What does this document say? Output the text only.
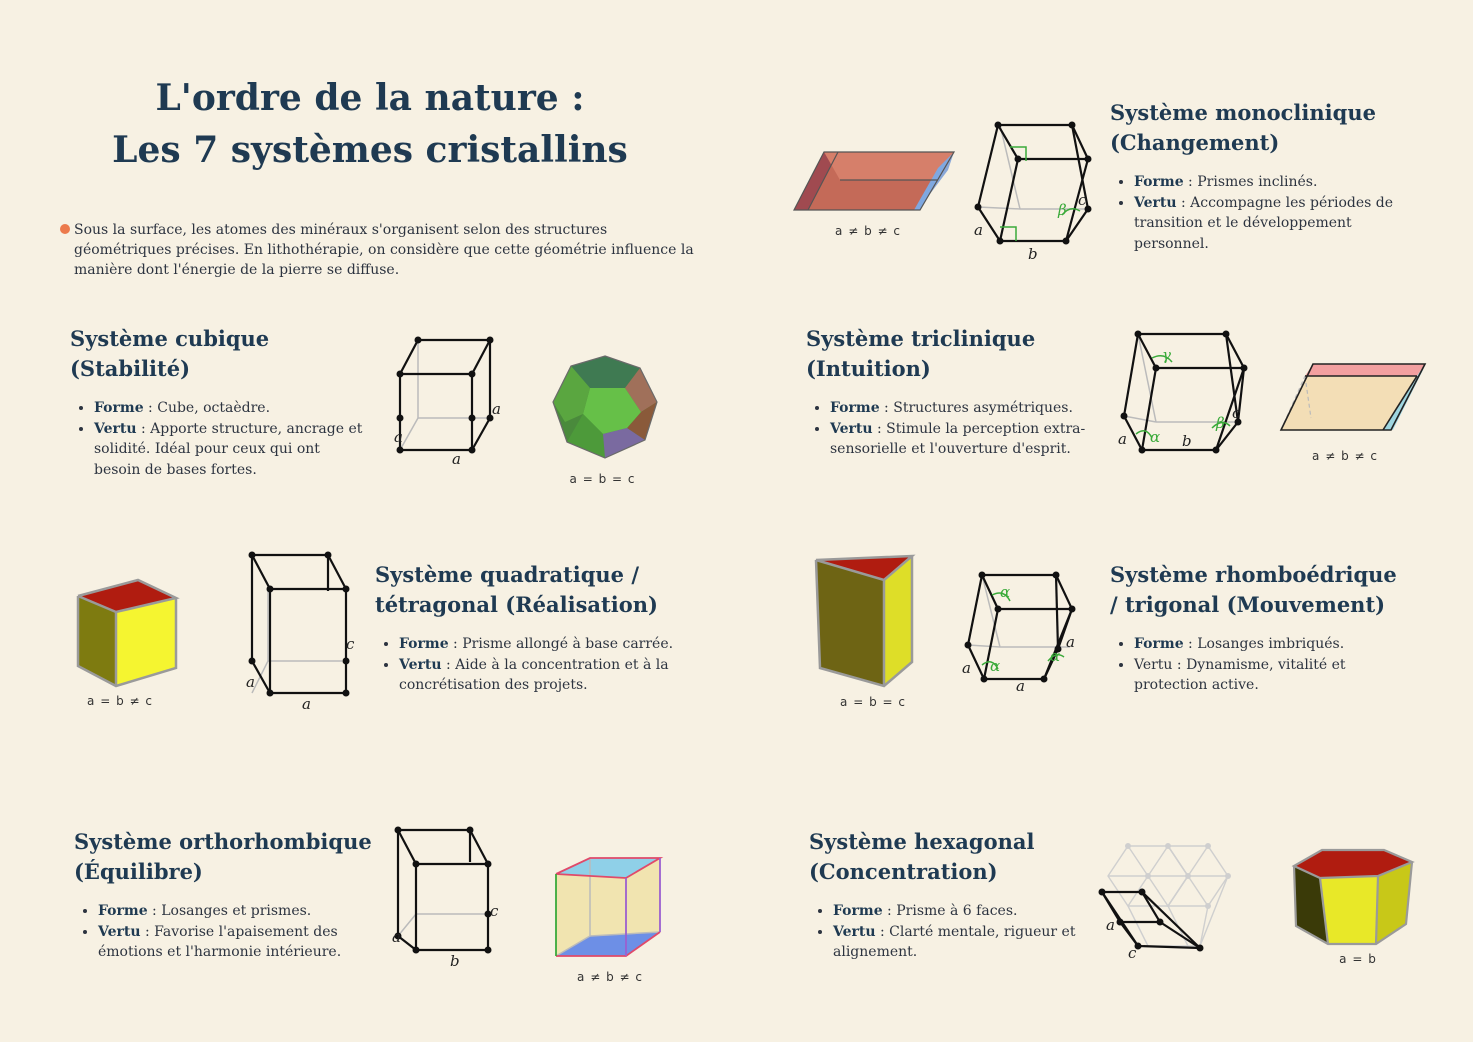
L'ordre de la nature :
Les 7 systèmes cristallins
Sous la surface, les atomes des minéraux s'organisent selon des structures géométriques précises. En lithothérapie, on considère que cette géométrie influence la manière dont l'énergie de la pierre se diffuse.
Système cubique (Stabilité)
• Forme : Cube, octaèdre.
• Vertu : Apporte structure, ancrage et solidité. Idéal pour ceux qui ont besoin de bases fortes.
a
a
a
a = b = c
a = b ≠ c
c
a
a
Système quadratique / tétragonal (Réalisation)
• Forme : Prisme allongé à base carrée.
• Vertu : Aide à la concentration et à la concrétisation des projets.
Système orthorhombique (Équilibre)
• Forme : Losanges et prismes.
• Vertu : Favorise l'apaisement des émotions et l'harmonie intérieure.
c
a
b
a ≠ b ≠ c
a ≠ b ≠ c
c
a
b
β
Système monoclinique (Changement)
• Forme : Prismes inclinés.
• Vertu : Accompagne les périodes de transition et le développement personnel.
Système triclinique (Intuition)
• Forme : Structures asymétriques.
• Vertu : Stimule la perception extra-sensorielle et l'ouverture d'esprit.
γ
c
β
a α b
a ≠ b ≠ c
a = b = c
α
a
α
a α
a
Système rhomboédrique / trigonal (Mouvement)
• Forme : Losanges imbriqués.
• Vertu : Dynamisme, vitalité et protection active.
Système hexagonal (Concentration)
• Forme : Prisme à 6 faces.
• Vertu : Clarté mentale, rigueur et alignement.
a
c	a = b
